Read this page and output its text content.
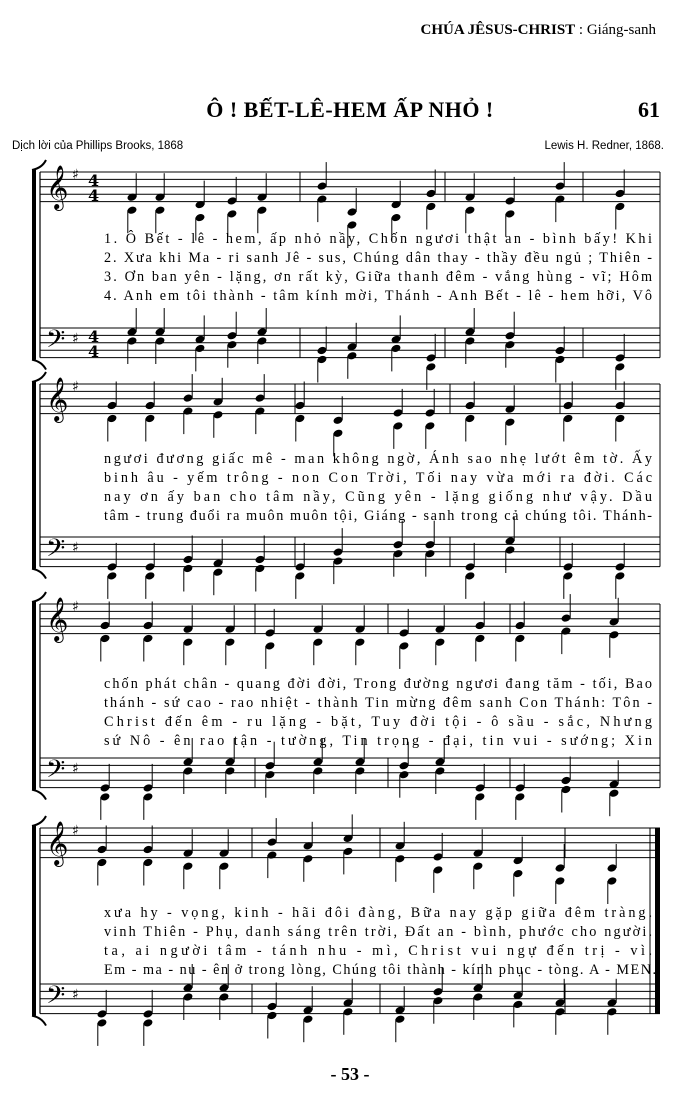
CHÚA JÊSUS-CHRIST : Giáng-sanh
Ô ! BẾT-LÊ-HEM ẤP NHỎ !	61
Dịch lời của Phillips Brooks, 1868	Lewis H. Redner, 1868.
- 53 -
𝄞
𝄢
♯
♯
4
4
4
4
1. Ô Bết - lê - hem, ấp nhỏ nầy, Chốn ngươi thật an - bình bấy! Khi
2. Xưa khi Ma - ri sanh Jê - sus, Chúng dân thay - thầy đều ngủ ; Thiên -
3. Ơn ban yên - lặng, ơn rất kỳ, Giữa thanh đêm - vắng hùng - vĩ; Hôm
4. Anh em tôi thành - tâm kính mời, Thánh - Anh Bết - lê - hem hỡi, Vô
𝄞
𝄢
♯
♯
ngươi đương giấc mê - man không ngờ, Ánh sao nhẹ lướt êm tờ. Ấy
binh âu - yếm trông - non Con Trời, Tối nay vừa mới ra đời. Các
nay ơn ấy ban cho tâm nầy, Cũng yên - lặng giống như vậy. Dầu
tâm - trung đuổi ra muôn muôn tội, Giáng - sanh trong cả chúng tôi. Thánh-
𝄞
𝄢
♯
♯
chốn phát chân - quang đời đời, Trong đường ngươi đang tăm - tối, Bao
thánh - sứ cao - rao nhiệt - thành Tin mừng đêm sanh Con Thánh: Tôn -
Christ đến êm - ru lặng - bặt, Tuy đời tội - ô sầu - sắc, Nhưng
sứ Nô - ên rao tận - tường, Tin trọng - đại, tin vui - sướng; Xin
𝄞
𝄢
♯
♯
xưa hy - vọng, kinh - hãi đôi đàng, Bữa nay gặp giữa đêm tràng.
vinh Thiên - Phụ, danh sáng trên trời, Đất an - bình, phước cho người.
ta, ai người tâm - tánh nhu - mì, Christ vui ngự đến trị - vì.
Em - ma - nu - ên ở trong lòng, Chúng tôi thành - kính phục - tòng. A - MEN.
